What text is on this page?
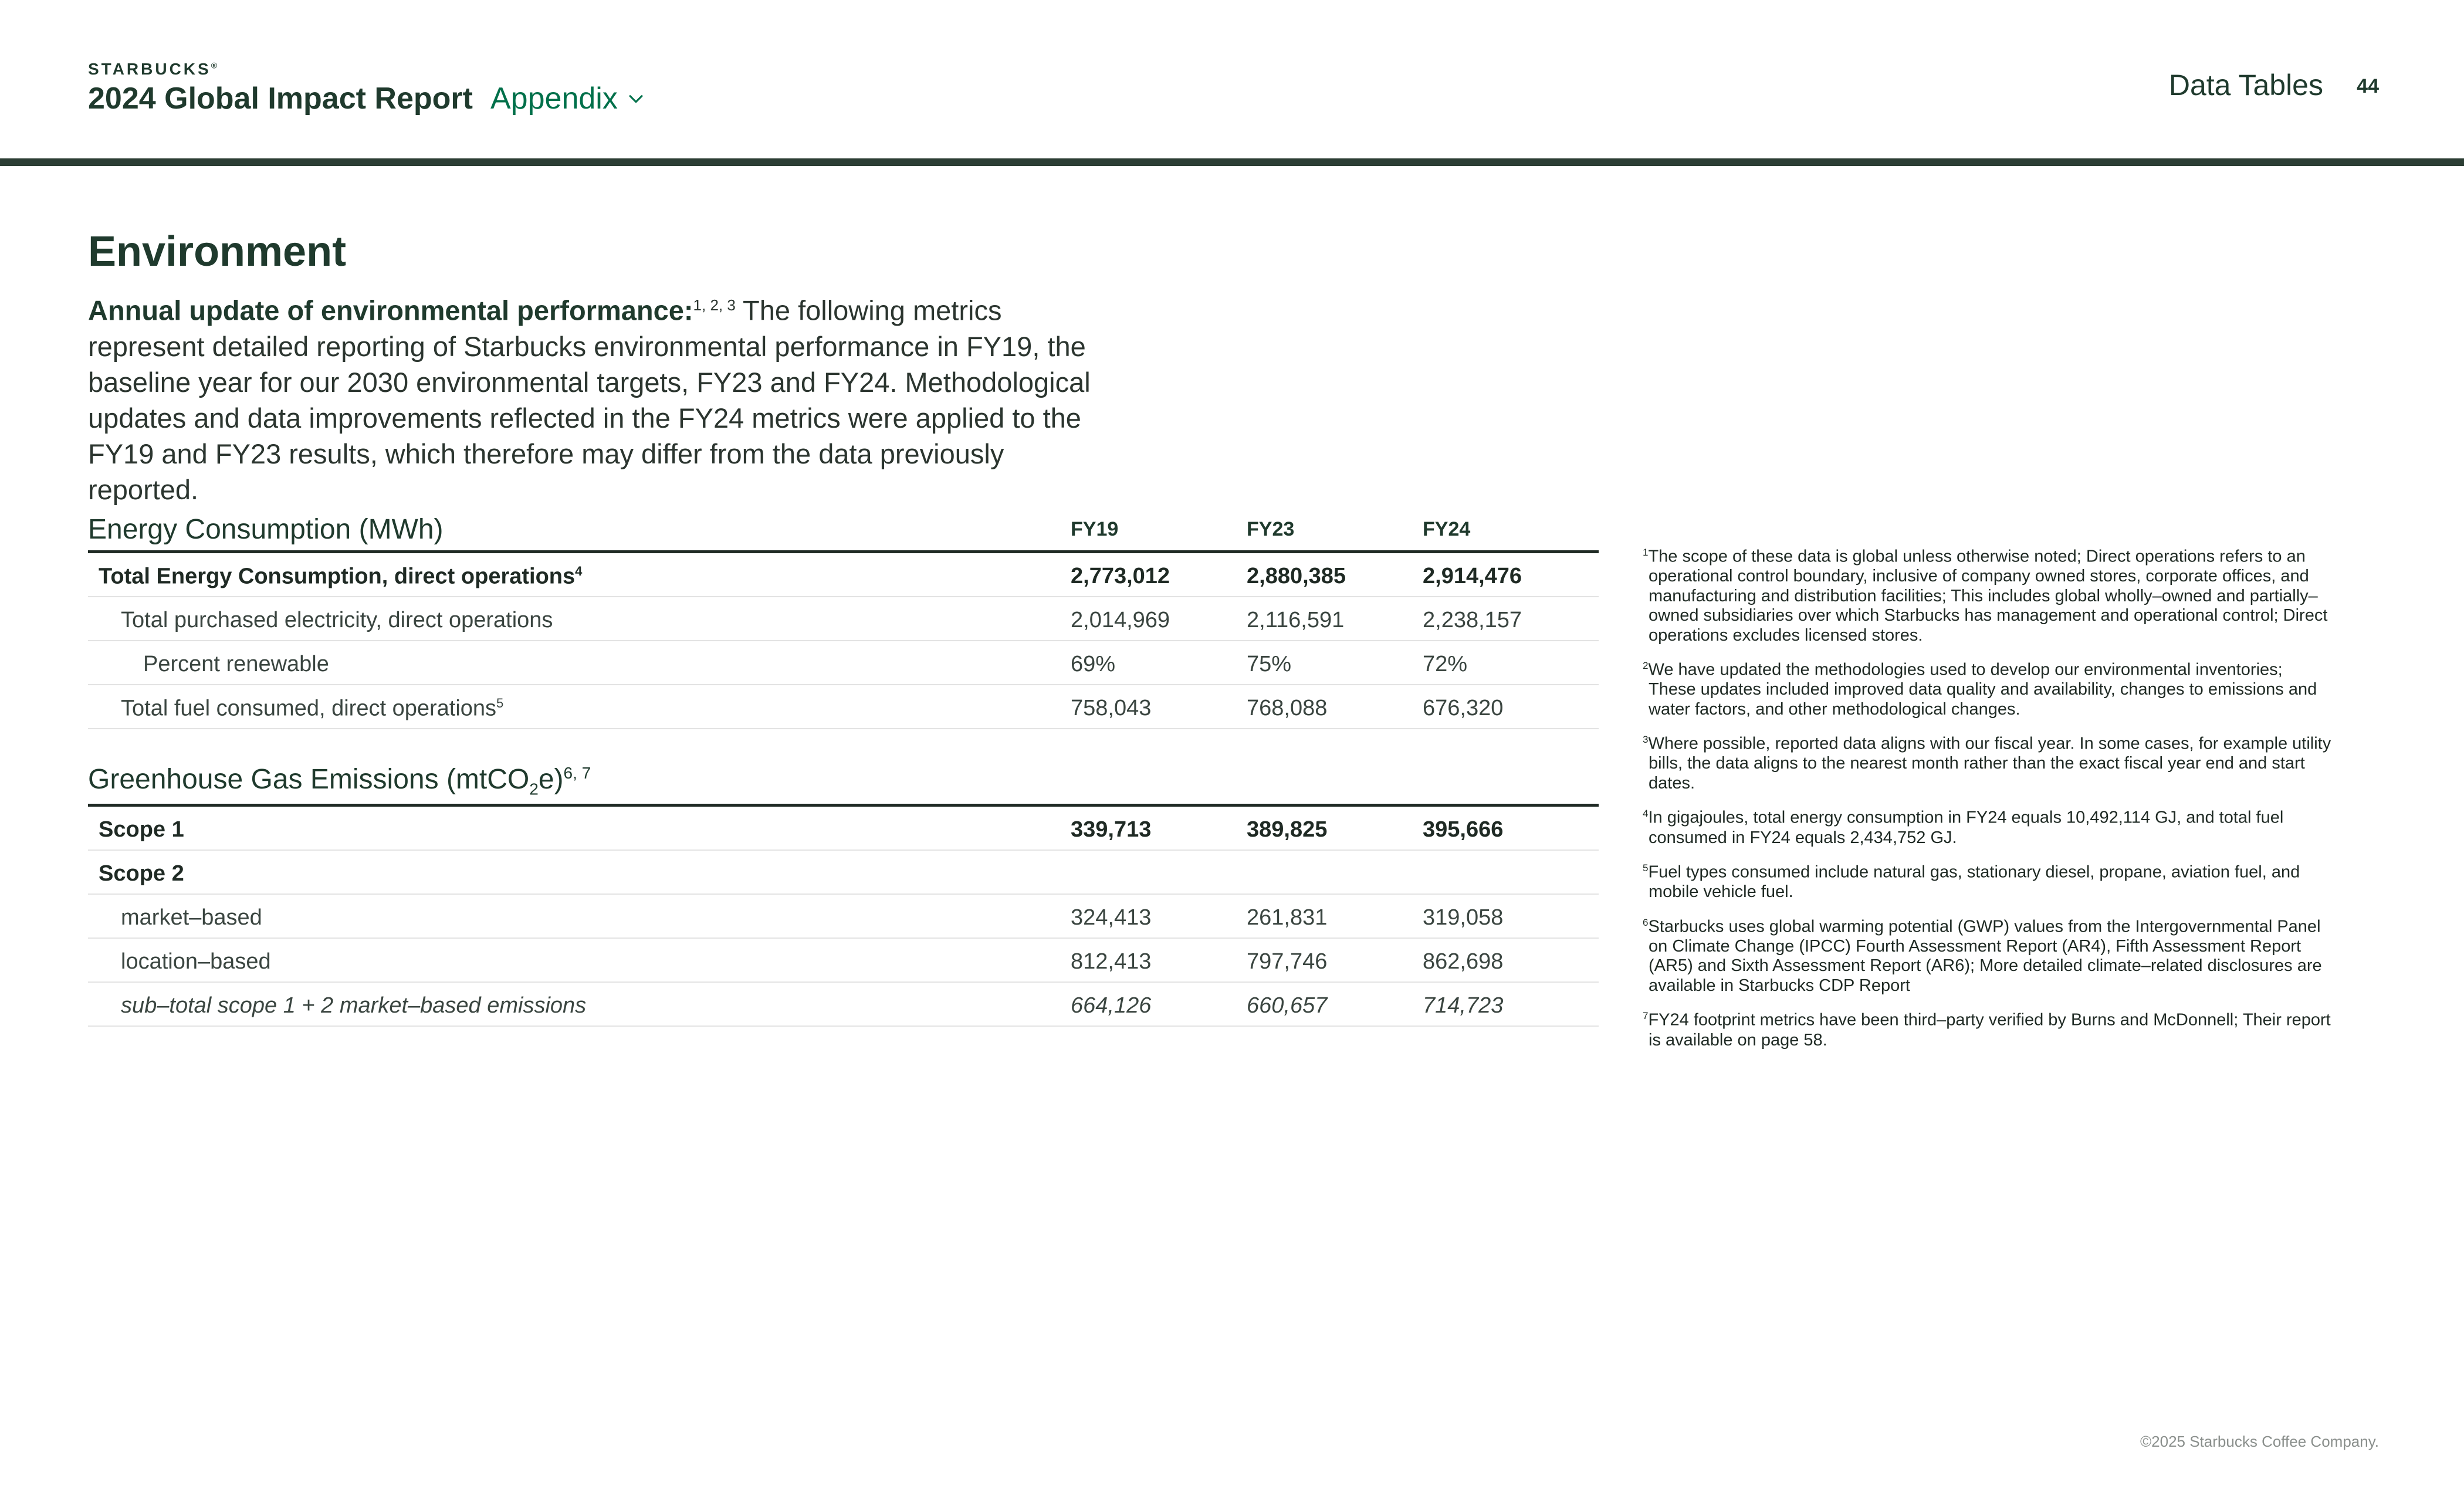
STARBUCKS®
2024 Global Impact Report Appendix	Data Tables 44
Environment
Annual update of environmental performance:$^{1, 2, 3}$ The following metrics represent detailed reporting of Starbucks environmental performance in FY19, the baseline year for our 2030 environmental targets, FY23 and FY24. Methodological updates and data improvements reflected in the FY24 metrics were applied to the FY19 and FY23 results, which therefore may differ from the data previously reported.
Energy Consumption (MWh)	FY19	FY23	FY24
Total Energy Consumption, direct operations$^4$	2,773,012	2,880,385	2,914,476
Total purchased electricity, direct operations	2,014,969	2,116,591	2,238,157
Percent renewable	69%	75%	72%
Total fuel consumed, direct operations$^5$	758,043	768,088	676,320
Greenhouse Gas Emissions (mtCO$_2$e)$^{6, 7}$
Scope 1	339,713	389,825	395,666
Scope 2
market–based	324,413	261,831	319,058
location–based	812,413	797,746	862,698
sub–total scope 1 + 2 market–based emissions	664,126	660,657	714,723
$^1$The scope of these data is global unless otherwise noted; Direct operations refers to an operational control boundary, inclusive of company owned stores, corporate offices, and manufacturing and distribution facilities; This includes global wholly–owned and partially–owned subsidiaries over which Starbucks has management and operational control; Direct operations excludes licensed stores.
$^2$We have updated the methodologies used to develop our environmental inventories; These updates included improved data quality and availability, changes to emissions and water factors, and other methodological changes.
$^3$Where possible, reported data aligns with our fiscal year. In some cases, for example utility bills, the data aligns to the nearest month rather than the exact fiscal year end and start dates.
$^4$In gigajoules, total energy consumption in FY24 equals 10,492,114 GJ, and total fuel consumed in FY24 equals 2,434,752 GJ.
$^5$Fuel types consumed include natural gas, stationary diesel, propane, aviation fuel, and mobile vehicle fuel.
$^6$Starbucks uses global warming potential (GWP) values from the Intergovernmental Panel on Climate Change (IPCC) Fourth Assessment Report (AR4), Fifth Assessment Report (AR5) and Sixth Assessment Report (AR6); More detailed climate–related disclosures are available in Starbucks CDP Report
$^7$FY24 footprint metrics have been third–party verified by Burns and McDonnell; Their report is available on page 58.
©2025 Starbucks Coffee Company.
